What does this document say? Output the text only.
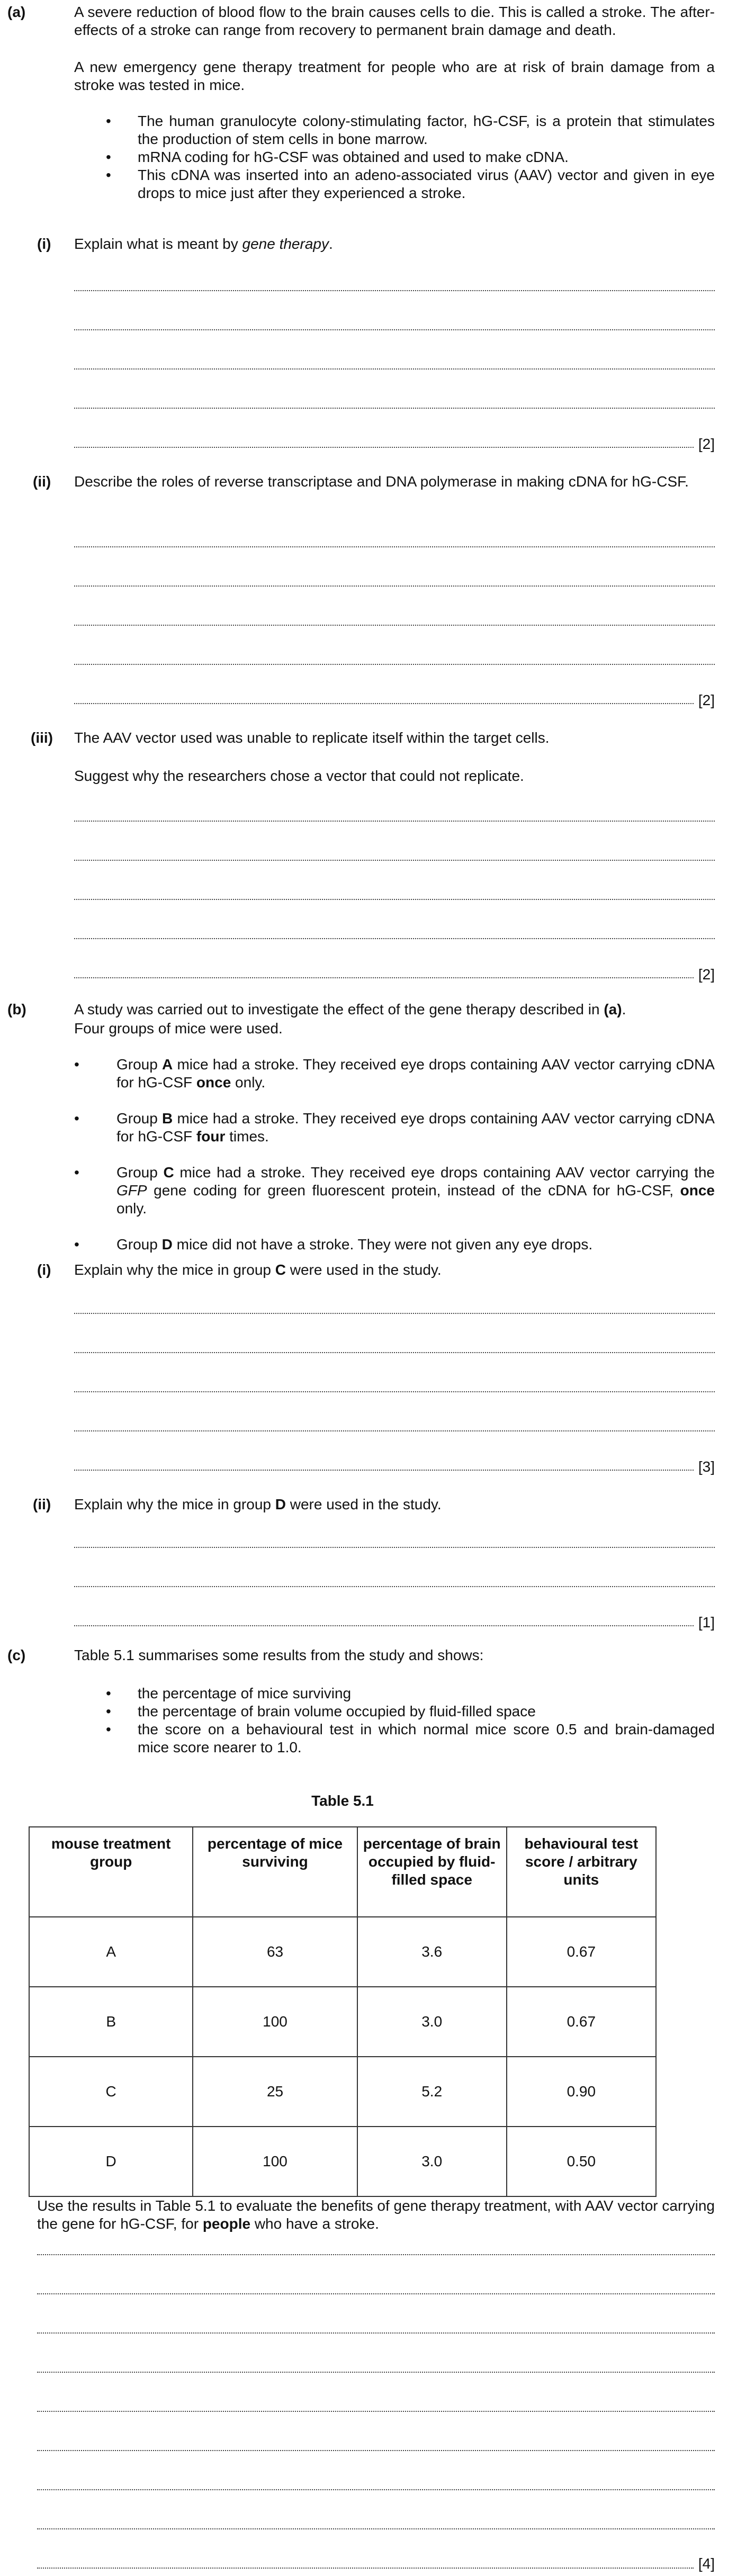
(a)	A severe reduction of blood flow to the brain causes cells to die. This is called a stroke. The after-effects of a stroke can range from recovery to permanent brain damage and death.
A new emergency gene therapy treatment for people who are at risk of brain damage from a stroke was tested in mice.
• The human granulocyte colony-stimulating factor, hG-CSF, is a protein that stimulates the production of stem cells in bone marrow.
• mRNA coding for hG-CSF was obtained and used to make cDNA.
• This cDNA was inserted into an adeno-associated virus (AAV) vector and given in eye drops to mice just after they experienced a stroke.
(i) Explain what is meant by gene therapy.
[2]
(ii) Describe the roles of reverse transcriptase and DNA polymerase in making cDNA for hG-CSF.
[2]
(iii) The AAV vector used was unable to replicate itself within the target cells.
Suggest why the researchers chose a vector that could not replicate.
[2]
(b)	A study was carried out to investigate the effect of the gene therapy described in (a).
Four groups of mice were used.
•	Group A mice had a stroke. They received eye drops containing AAV vector carrying cDNA for hG-CSF once only.
•	Group B mice had a stroke. They received eye drops containing AAV vector carrying cDNA for hG-CSF four times.
•	Group C mice had a stroke. They received eye drops containing AAV vector carrying the GFP gene coding for green fluorescent protein, instead of the cDNA for hG-CSF, once only.
•	Group D mice did not have a stroke. They were not given any eye drops.
(i) Explain why the mice in group C were used in the study.
[3]
(ii) Explain why the mice in group D were used in the study.
[1]
(c)	Table 5.1 summarises some results from the study and shows:
• the percentage of mice surviving
• the percentage of brain volume occupied by fluid-filled space
• the score on a behavioural test in which normal mice score 0.5 and brain-damaged mice score nearer to 1.0.
Table 5.1
mouse treatment group	percentage of mice surviving	percentage of brain occupied by fluid-filled space	behavioural test score / arbitrary units
A	63	3.6	0.67
B	100	3.0	0.67
C	25	5.2	0.90
D	100	3.0	0.50
Use the results in Table 5.1 to evaluate the benefits of gene therapy treatment, with AAV vector carrying the gene for hG-CSF, for people who have a stroke.
[4]
